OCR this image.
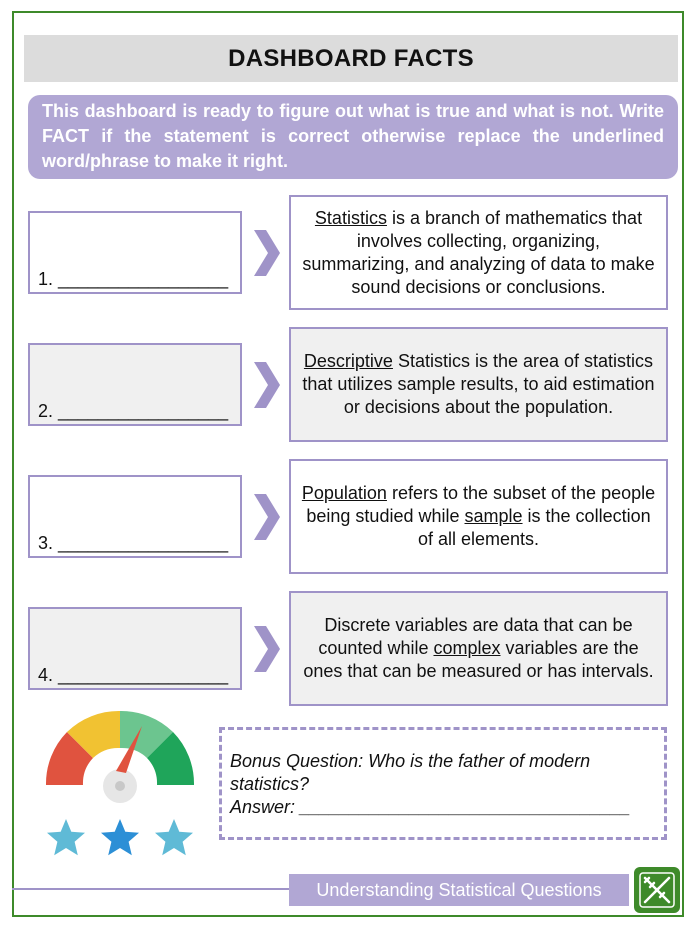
DASHBOARD FACTS
This dashboard is ready to figure out what is true and what is not. Write FACT if the statement is correct otherwise replace the underlined word/phrase to make it right.
1. _________________
Statistics is a branch of mathematics that involves collecting, organizing, summarizing, and analyzing of data to make sound decisions or conclusions.
2. _________________
Descriptive Statistics is the area of statistics that utilizes sample results, to aid estimation or decisions about the population.
3. _________________
Population refers to the subset of the people being studied while sample is the collection of all elements.
4. _________________
Discrete variables are data that can be counted while complex variables are the ones that can be measured or has intervals.
Bonus Question: Who is the father of modern statistics?
Answer: _________________________________
Understanding Statistical Questions
